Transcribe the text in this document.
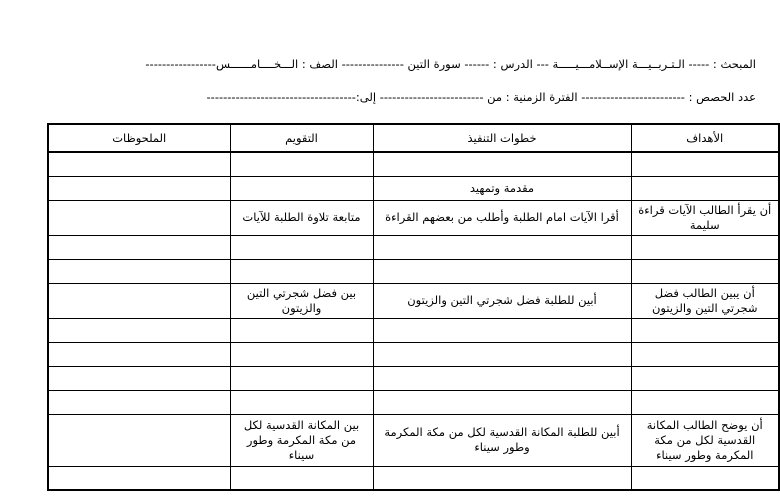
المبحث : ----- الـتـربــيـــة الإســلامـــيـــــة --- الدرس : ------ سورة التين --------------- الصف : الـــخــــامــــــس-----------------
عدد الحصص : ------------------------- الفترة الزمنية : من ------------------------- إلى:------------------------------------
الأهداف	خطوات التنفيذ	التقويم	الملحوظات

	مقدمة وتمهيد		
أن يقرأ الطالب الآيات قراءة سليمة	أقرا الآيات امام الطلبة وأطلب من بعضهم القراءة	متابعة تلاوة الطلبة للآيات	

أن يبين الطالب فضل شجرتي التين والزيتون	أبين للطلبة فضل شجرتي التين والزيتون	بين فضل شجرتي التين والزيتون	

أن يوضح الطالب المكانة القدسية لكل من مكة المكرمة وطور سيناء	أبين للطلبة المكانة القدسية لكل من مكة المكرمة وطور سيناء	بين المكانة القدسية لكل من مكة المكرمة وطور سيناء	
